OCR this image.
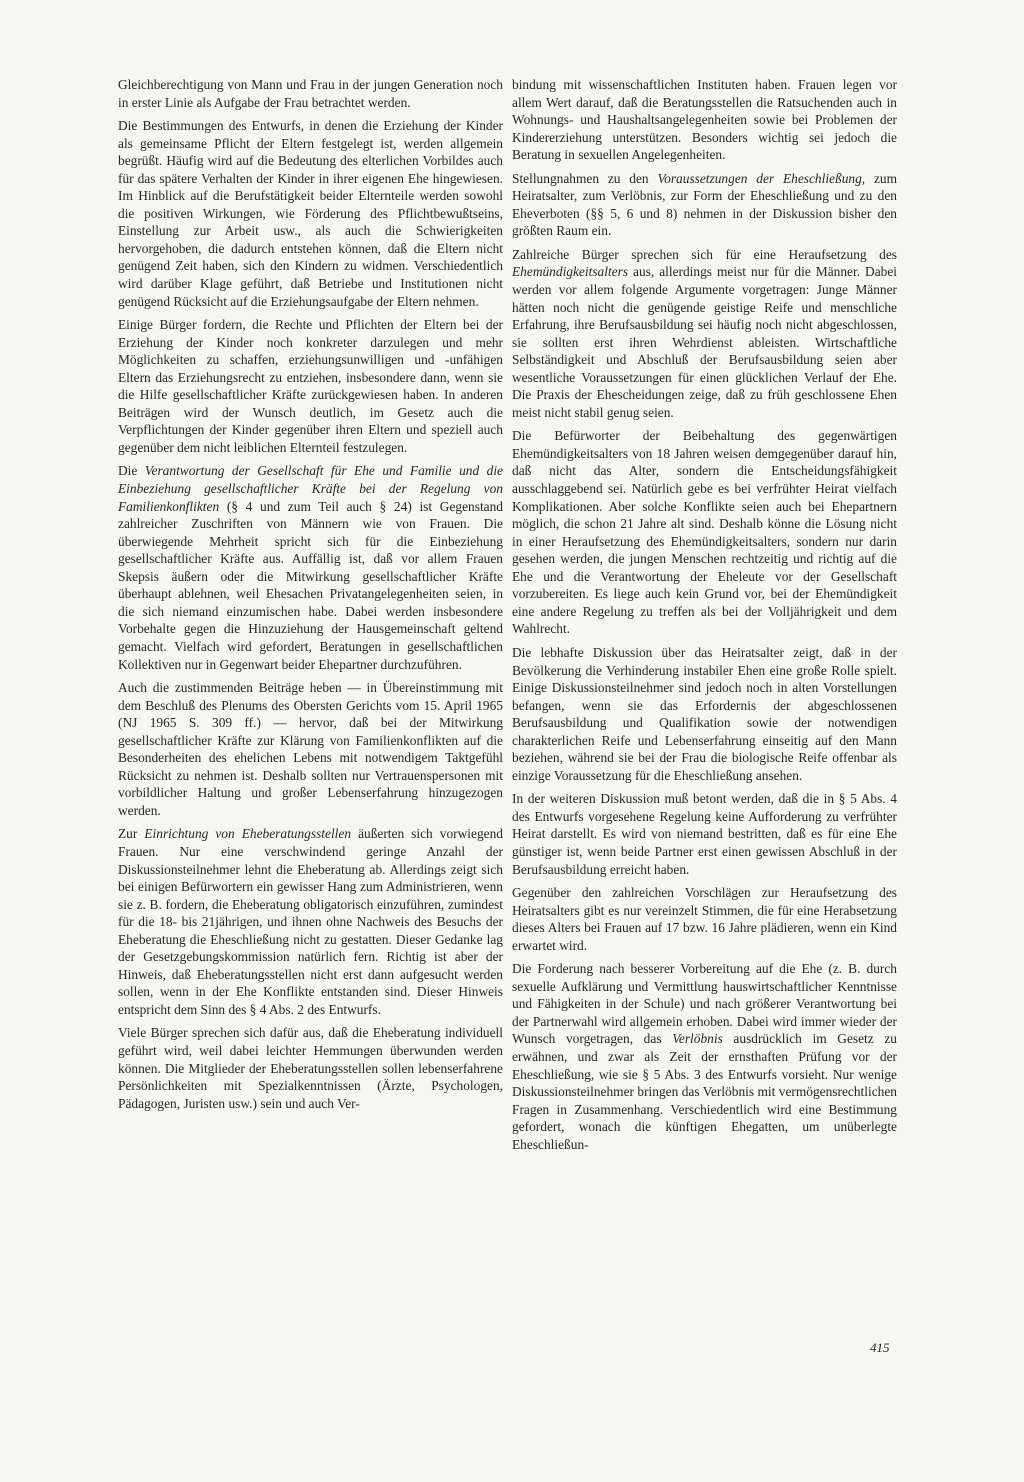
Gleichberechtigung von Mann und Frau in der jungen Generation noch in erster Linie als Aufgabe der Frau betrachtet werden.

Die Bestimmungen des Entwurfs, in denen die Erziehung der Kinder als gemeinsame Pflicht der Eltern festgelegt ist, werden allgemein begrüßt. Häufig wird auf die Bedeutung des elterlichen Vorbildes auch für das spätere Verhalten der Kinder in ihrer eigenen Ehe hingewiesen. Im Hinblick auf die Berufstätigkeit beider Elternteile werden sowohl die positiven Wirkungen, wie Förderung des Pflichtbewußtseins, Einstellung zur Arbeit usw., als auch die Schwierigkeiten hervorgehoben, die dadurch entstehen können, daß die Eltern nicht genügend Zeit haben, sich den Kindern zu widmen. Verschiedentlich wird darüber Klage geführt, daß Betriebe und Institutionen nicht genügend Rücksicht auf die Erziehungsaufgabe der Eltern nehmen.

Einige Bürger fordern, die Rechte und Pflichten der Eltern bei der Erziehung der Kinder noch konkreter darzulegen und mehr Möglichkeiten zu schaffen, erziehungsunwilligen und -unfähigen Eltern das Erziehungsrecht zu entziehen, insbesondere dann, wenn sie die Hilfe gesellschaftlicher Kräfte zurückgewiesen haben. In anderen Beiträgen wird der Wunsch deutlich, im Gesetz auch die Verpflichtungen der Kinder gegenüber ihren Eltern und speziell auch gegenüber dem nicht leiblichen Elternteil festzulegen.

Die Verantwortung der Gesellschaft für Ehe und Familie und die Einbeziehung gesellschaftlicher Kräfte bei der Regelung von Familienkonflikten (§ 4 und zum Teil auch § 24) ist Gegenstand zahlreicher Zuschriften von Männern wie von Frauen. Die überwiegende Mehrheit spricht sich für die Einbeziehung gesellschaftlicher Kräfte aus. Auffällig ist, daß vor allem Frauen Skepsis äußern oder die Mitwirkung gesellschaftlicher Kräfte überhaupt ablehnen, weil Ehesachen Privatangelegenheiten seien, in die sich niemand einzumischen habe. Dabei werden insbesondere Vorbehalte gegen die Hinzuziehung der Hausgemeinschaft geltend gemacht. Vielfach wird gefordert, Beratungen in gesellschaftlichen Kollektiven nur in Gegenwart beider Ehepartner durchzuführen.

Auch die zustimmenden Beiträge heben — in Übereinstimmung mit dem Beschluß des Plenums des Obersten Gerichts vom 15. April 1965 (NJ 1965 S. 309 ff.) — hervor, daß bei der Mitwirkung gesellschaftlicher Kräfte zur Klärung von Familienkonflikten auf die Besonderheiten des ehelichen Lebens mit notwendigem Taktgefühl Rücksicht zu nehmen ist. Deshalb sollten nur Vertrauenspersonen mit vorbildlicher Haltung und großer Lebenserfahrung hinzugezogen werden.

Zur Einrichtung von Eheberatungsstellen äußerten sich vorwiegend Frauen. Nur eine verschwindend geringe Anzahl der Diskussionsteilnehmer lehnt die Eheberatung ab. Allerdings zeigt sich bei einigen Befürwortern ein gewisser Hang zum Administrieren, wenn sie z. B. fordern, die Eheberatung obligatorisch einzuführen, zumindest für die 18- bis 21jährigen, und ihnen ohne Nachweis des Besuchs der Eheberatung die Eheschließung nicht zu gestatten. Dieser Gedanke lag der Gesetzgebungskommission natürlich fern. Richtig ist aber der Hinweis, daß Eheberatungsstellen nicht erst dann aufgesucht werden sollen, wenn in der Ehe Konflikte entstanden sind. Dieser Hinweis entspricht dem Sinn des § 4 Abs. 2 des Entwurfs.

Viele Bürger sprechen sich dafür aus, daß die Eheberatung individuell geführt wird, weil dabei leichter Hemmungen überwunden werden können. Die Mitglieder der Eheberatungsstellen sollen lebenserfahrene Persönlichkeiten mit Spezialkenntnissen (Ärzte, Psychologen, Pädagogen, Juristen usw.) sein und auch Ver-

bindung mit wissenschaftlichen Instituten haben. Frauen legen vor allem Wert darauf, daß die Beratungsstellen die Ratsuchenden auch in Wohnungs- und Haushaltsangelegenheiten sowie bei Problemen der Kindererziehung unterstützen. Besonders wichtig sei jedoch die Beratung in sexuellen Angelegenheiten.

Stellungnahmen zu den Voraussetzungen der Eheschließung, zum Heiratsalter, zum Verlöbnis, zur Form der Eheschließung und zu den Eheverboten (§§ 5, 6 und 8) nehmen in der Diskussion bisher den größten Raum ein.

Zahlreiche Bürger sprechen sich für eine Heraufsetzung des Ehemündigkeitsalters aus, allerdings meist nur für die Männer. Dabei werden vor allem folgende Argumente vorgetragen: Junge Männer hätten noch nicht die genügende geistige Reife und menschliche Erfahrung, ihre Berufsausbildung sei häufig noch nicht abgeschlossen, sie sollten erst ihren Wehrdienst ableisten. Wirtschaftliche Selbständigkeit und Abschluß der Berufsausbildung seien aber wesentliche Voraussetzungen für einen glücklichen Verlauf der Ehe. Die Praxis der Ehescheidungen zeige, daß zu früh geschlossene Ehen meist nicht stabil genug seien.

Die Befürworter der Beibehaltung des gegenwärtigen Ehemündigkeitsalters von 18 Jahren weisen demgegenüber darauf hin, daß nicht das Alter, sondern die Entscheidungsfähigkeit ausschlaggebend sei. Natürlich gebe es bei verfrühter Heirat vielfach Komplikationen. Aber solche Konflikte seien auch bei Ehepartnern möglich, die schon 21 Jahre alt sind. Deshalb könne die Lösung nicht in einer Heraufsetzung des Ehemündigkeitsalters, sondern nur darin gesehen werden, die jungen Menschen rechtzeitig und richtig auf die Ehe und die Verantwortung der Eheleute vor der Gesellschaft vorzubereiten. Es liege auch kein Grund vor, bei der Ehemündigkeit eine andere Regelung zu treffen als bei der Volljährigkeit und dem Wahlrecht.

Die lebhafte Diskussion über das Heiratsalter zeigt, daß in der Bevölkerung die Verhinderung instabiler Ehen eine große Rolle spielt. Einige Diskussionsteilnehmer sind jedoch noch in alten Vorstellungen befangen, wenn sie das Erfordernis der abgeschlossenen Berufsausbildung und Qualifikation sowie der notwendigen charakterlichen Reife und Lebenserfahrung einseitig auf den Mann beziehen, während sie bei der Frau die biologische Reife offenbar als einzige Voraussetzung für die Eheschließung ansehen.

In der weiteren Diskussion muß betont werden, daß die in § 5 Abs. 4 des Entwurfs vorgesehene Regelung keine Aufforderung zu verfrühter Heirat darstellt. Es wird von niemand bestritten, daß es für eine Ehe günstiger ist, wenn beide Partner erst einen gewissen Abschluß in der Berufsausbildung erreicht haben.

Gegenüber den zahlreichen Vorschlägen zur Heraufsetzung des Heiratsalters gibt es nur vereinzelt Stimmen, die für eine Herabsetzung dieses Alters bei Frauen auf 17 bzw. 16 Jahre plädieren, wenn ein Kind erwartet wird.

Die Forderung nach besserer Vorbereitung auf die Ehe (z. B. durch sexuelle Aufklärung und Vermittlung hauswirtschaftlicher Kenntnisse und Fähigkeiten in der Schule) und nach größerer Verantwortung bei der Partnerwahl wird allgemein erhoben. Dabei wird immer wieder der Wunsch vorgetragen, das Verlöbnis ausdrücklich im Gesetz zu erwähnen, und zwar als Zeit der ernsthaften Prüfung vor der Eheschließung, wie sie § 5 Abs. 3 des Entwurfs vorsieht. Nur wenige Diskussionsteilnehmer bringen das Verlöbnis mit vermögensrechtlichen Fragen in Zusammenhang. Verschiedentlich wird eine Bestimmung gefordert, wonach die künftigen Ehegatten, um unüberlegte Eheschließun-

415
